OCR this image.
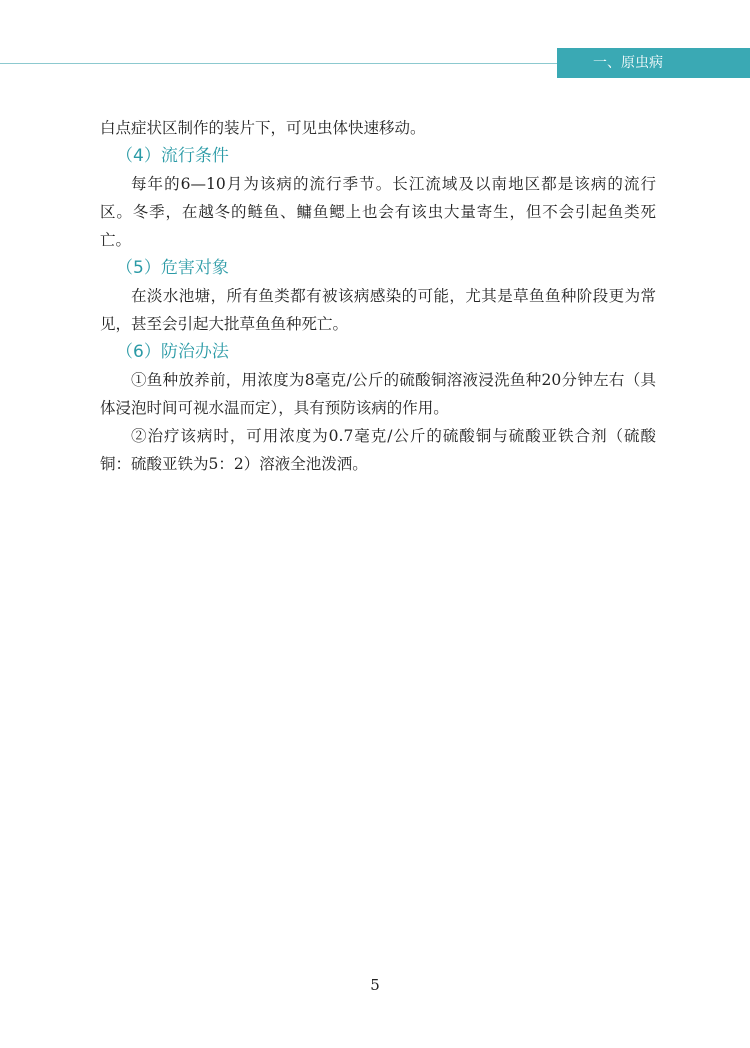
一、原虫病

白点症状区制作的装片下，可见虫体快速移动。

（4）流行条件

每年的6—10月为该病的流行季节。长江流域及以南地区都是该病的流行区。冬季，在越冬的鲢鱼、鳙鱼鳃上也会有该虫大量寄生，但不会引起鱼类死亡。

（5）危害对象

在淡水池塘，所有鱼类都有被该病感染的可能，尤其是草鱼鱼种阶段更为常见，甚至会引起大批草鱼鱼种死亡。

（6）防治办法

①鱼种放养前，用浓度为8毫克/公斤的硫酸铜溶液浸洗鱼种20分钟左右（具体浸泡时间可视水温而定），具有预防该病的作用。

②治疗该病时，可用浓度为0.7毫克/公斤的硫酸铜与硫酸亚铁合剂（硫酸铜：硫酸亚铁为5：2）溶液全池泼洒。

5
